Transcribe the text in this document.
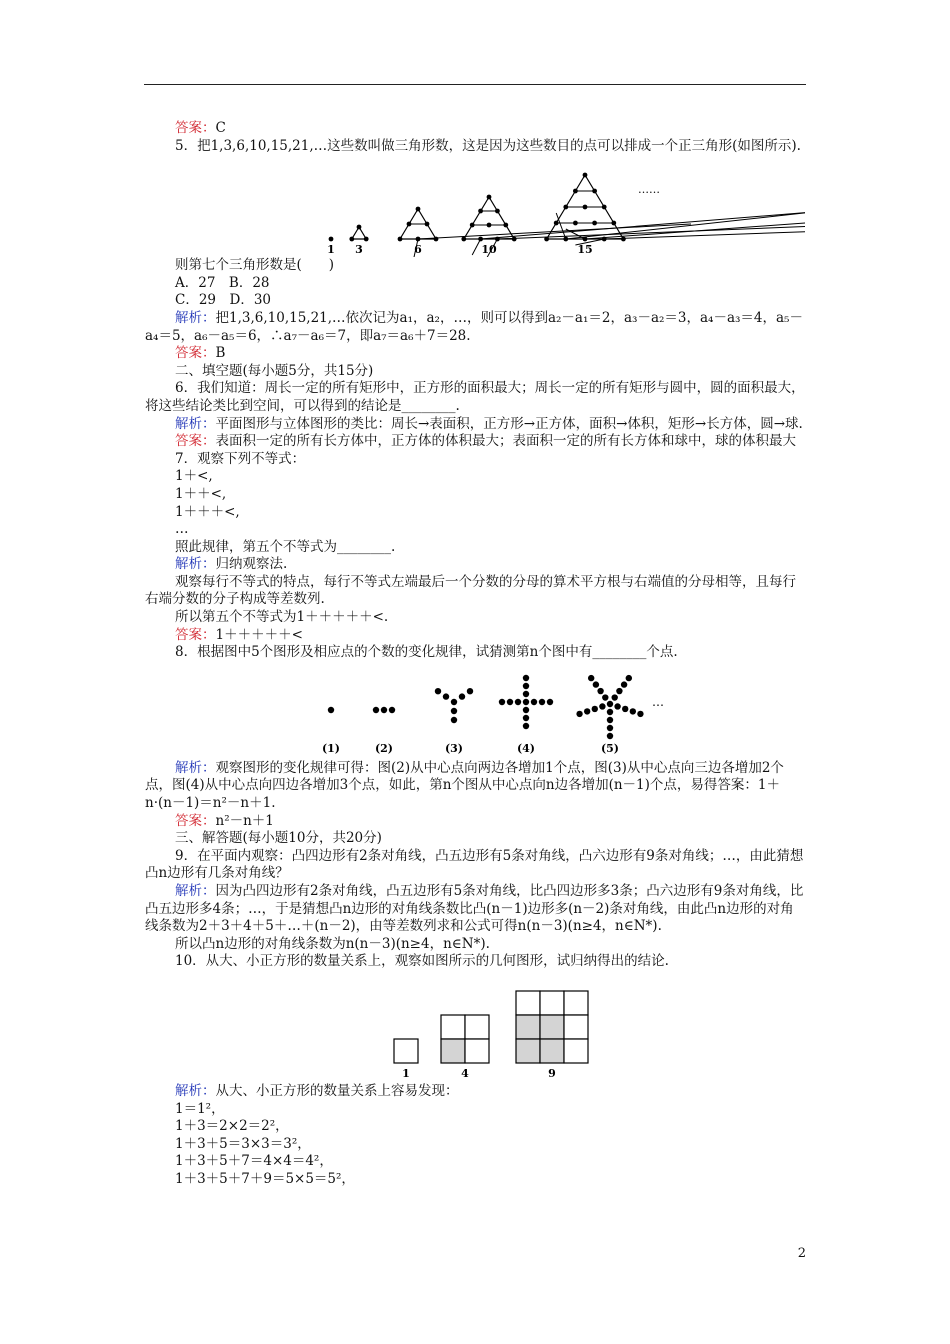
答案：C

5．把1,3,6,10,15,21,…这些数叫做三角形数，这是因为这些数目的点可以排成一个正三角形(如图所示).

1 3	6	10	15
……

则第七个三角形数是(　　)

A．27　B．28

C．29　D．30

解析：把1,3,6,10,15,21,…依次记为a₁，a₂，…，则可以得到a₂－a₁＝2，a₃－a₂＝3，a₄－a₃＝4，a₅－a₄＝5，a₆－a₅＝6，∴a₇－a₆＝7，即a₇＝a₆＋7＝28.

答案：B

二、填空题(每小题5分，共15分)

6．我们知道：周长一定的所有矩形中，正方形的面积最大；周长一定的所有矩形与圆中，圆的面积最大，将这些结论类比到空间，可以得到的结论是________.

解析：平面图形与立体图形的类比：周长→表面积，正方形→正方体，面积→体积，矩形→长方体，圆→球.

答案：表面积一定的所有长方体中，正方体的体积最大；表面积一定的所有长方体和球中，球的体积最大

7．观察下列不等式：

1＋<,

1＋＋<,

1＋＋＋<,

…

照此规律，第五个不等式为________.

解析：归纳观察法.

观察每行不等式的特点，每行不等式左端最后一个分数的分母的算术平方根与右端值的分母相等，且每行右端分数的分子构成等差数列.

所以第五个不等式为1＋＋＋＋＋<.

答案：1＋＋＋＋＋<

8．根据图中5个图形及相应点的个数的变化规律，试猜测第n个图中有________个点.

(1)	(2)	(3)	(4)	(5)
…

解析：观察图形的变化规律可得：图(2)从中心点向两边各增加1个点，图(3)从中心点向三边各增加2个点，图(4)从中心点向四边各增加3个点，如此，第n个图从中心点向n边各增加(n－1)个点，易得答案：1＋n·(n－1)＝n²－n＋1.

答案：n²－n＋1

三、解答题(每小题10分，共20分)

9．在平面内观察：凸四边形有2条对角线，凸五边形有5条对角线，凸六边形有9条对角线；…，由此猜想凸n边形有几条对角线？

解析：因为凸四边形有2条对角线，凸五边形有5条对角线，比凸四边形多3条；凸六边形有9条对角线，比凸五边形多4条；…，于是猜想凸n边形的对角线条数比凸(n－1)边形多(n－2)条对角线，由此凸n边形的对角线条数为2＋3＋4＋5＋…＋(n－2)，由等差数列求和公式可得n(n－3)(n≥4，n∈N*).

所以凸n边形的对角线条数为n(n－3)(n≥4，n∈N*).

10．从大、小正方形的数量关系上，观察如图所示的几何图形，试归纳得出的结论.

1	4	9

解析：从大、小正方形的数量关系上容易发现：

1＝1²，

1＋3＝2×2＝2²，

1＋3＋5＝3×3＝3²，

1＋3＋5＋7＝4×4＝4²，

1＋3＋5＋7＋9＝5×5＝5²，

2
